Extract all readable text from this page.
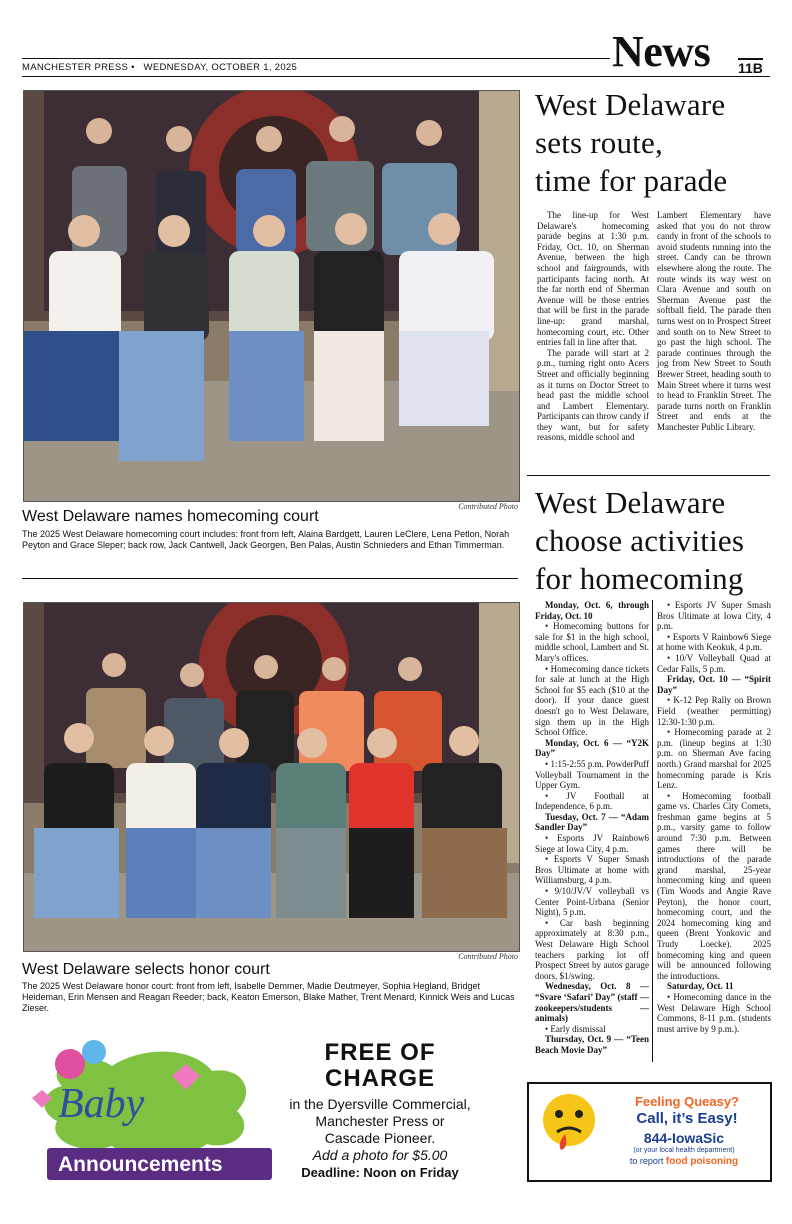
MANCHESTER PRESS • WEDNESDAY, OCTOBER 1, 2025	News 11B
Contributed Photo
West Delaware names homecoming court
The 2025 West Delaware homecoming court includes: front from left, Alaina Bardgett, Lauren LeClere, Lena Petlon, Norah Peyton and Grace Sleper; back row, Jack Cantwell, Jack Georgen, Ben Palas, Austin Schnieders and Ethan Timmerman.
Contributed Photo
West Delaware selects honor court
The 2025 West Delaware honor court: front from left, Isabelle Demmer, Madie Deutmeyer, Sophia Hegland, Bridget Heideman, Erin Mensen and Reagan Reeder; back, Keaton Emerson, Blake Mather, Trent Menard, Kinnick Weis and Lucas Zieser.
West Delaware
sets route,
time for parade

The line-up for West Delaware's homecoming parade begins at 1:30 p.m. Friday, Oct. 10, on Sherman Avenue, between the high school and fairgrounds, with participants facing north. At the far north end of Sherman Avenue will be those entries that will be first in the parade line-up: grand marshal, homecoming court, etc. Other entries fall in line after that.

The parade will start at 2 p.m., turning right onto Acers Street and officially beginning as it turns on Doctor Street to head past the middle school and Lambert Elementary. Participants can throw candy if they want, but for safety reasons, middle school and

Lambert Elementary have asked that you do not throw candy in front of the schools to avoid students running into the street. Candy can be thrown elsewhere along the route. The route winds its way west on Clara Avenue and south on Sherman Avenue past the softball field. The parade then turns west on to Prospect Street and south on to New Street to go past the high school. The parade continues through the jog from New Street to South Brewer Street, heading south to Main Street where it turns west to head to Franklin Street. The parade turns north on Franklin Street and ends at the Manchester Public Library.

West Delaware
choose activities
for homecoming

Monday, Oct. 6, through Friday, Oct. 10

• Homecoming buttons for sale for $1 in the high school, middle school, Lambert and St. Mary's offices.

• Homecoming dance tickets for sale at lunch at the High School for $5 each ($10 at the door). If your dance guest doesn't go to West Delaware, sign them up in the High School Office.

Monday, Oct. 6 — “Y2K Day”

• 1:15-2:55 p.m. PowderPuff Volleyball Tournament in the Upper Gym.

• JV Football at Independence, 6 p.m.

Tuesday, Oct. 7 — “Adam Sandler Day”

• Esports JV Rainbow6 Siege at Iowa City, 4 p.m.

• Esports V Super Smash Bros Ultimate at home with Williamsburg, 4 p.m.

• 9/10/JV/V volleyball vs Center Point-Urbana (Senior Night), 5 p.m.

• Car bash beginning approximately at 8:30 p.m., West Delaware High School teachers parking lot off Prospect Street by autos garage doors, $1/swing.

Wednesday, Oct. 8 — “Svare ‘Safari’ Day” (staff — zookeepers/students — animals)

• Early dismissal

Thursday, Oct. 9 — “Teen Beach Movie Day”

• Esports JV Super Smash Bros Ultimate at Iowa City, 4 p.m.

• Esports V Rainbow6 Siege at home with Keokuk, 4 p.m.

• 10/V Volleyball Quad at Cedar Falls, 5 p.m.

Friday, Oct. 10 — “Spirit Day”

• K-12 Pep Rally on Brown Field (weather permitting) 12:30-1:30 p.m.

• Homecoming parade at 2 p.m. (lineup begins at 1:30 p.m. on Sherman Ave facing north.) Grand marshal for 2025 homecoming parade is Kris Lenz.

• Homecoming football game vs. Charles City Comets, freshman game begins at 5 p.m., varsity game to follow around 7:30 p.m. Between games there will be introductions of the parade grand marshal, 25-year homecoming king and queen (Tim Woods and Angie Rave Peyton), the honor court, homecoming court, and the 2024 homecoming king and queen (Brent Yonkovic and Trudy Loecke). 2025 homecoming king and queen will be announced following the introductions.

Saturday, Oct. 11

• Homecoming dance in the West Delaware High School Commons, 8-11 p.m. (students must arrive by 9 p.m.).

Baby
Announcements
FREE OF
CHARGE
in the Dyersville Commercial,
Manchester Press or
Cascade Pioneer.
Add a photo for $5.00
Deadline: Noon on Friday
Feeling Queasy?
Call, it’s Easy!
844-IowaSic
(or your local health department)
to report food poisoning
